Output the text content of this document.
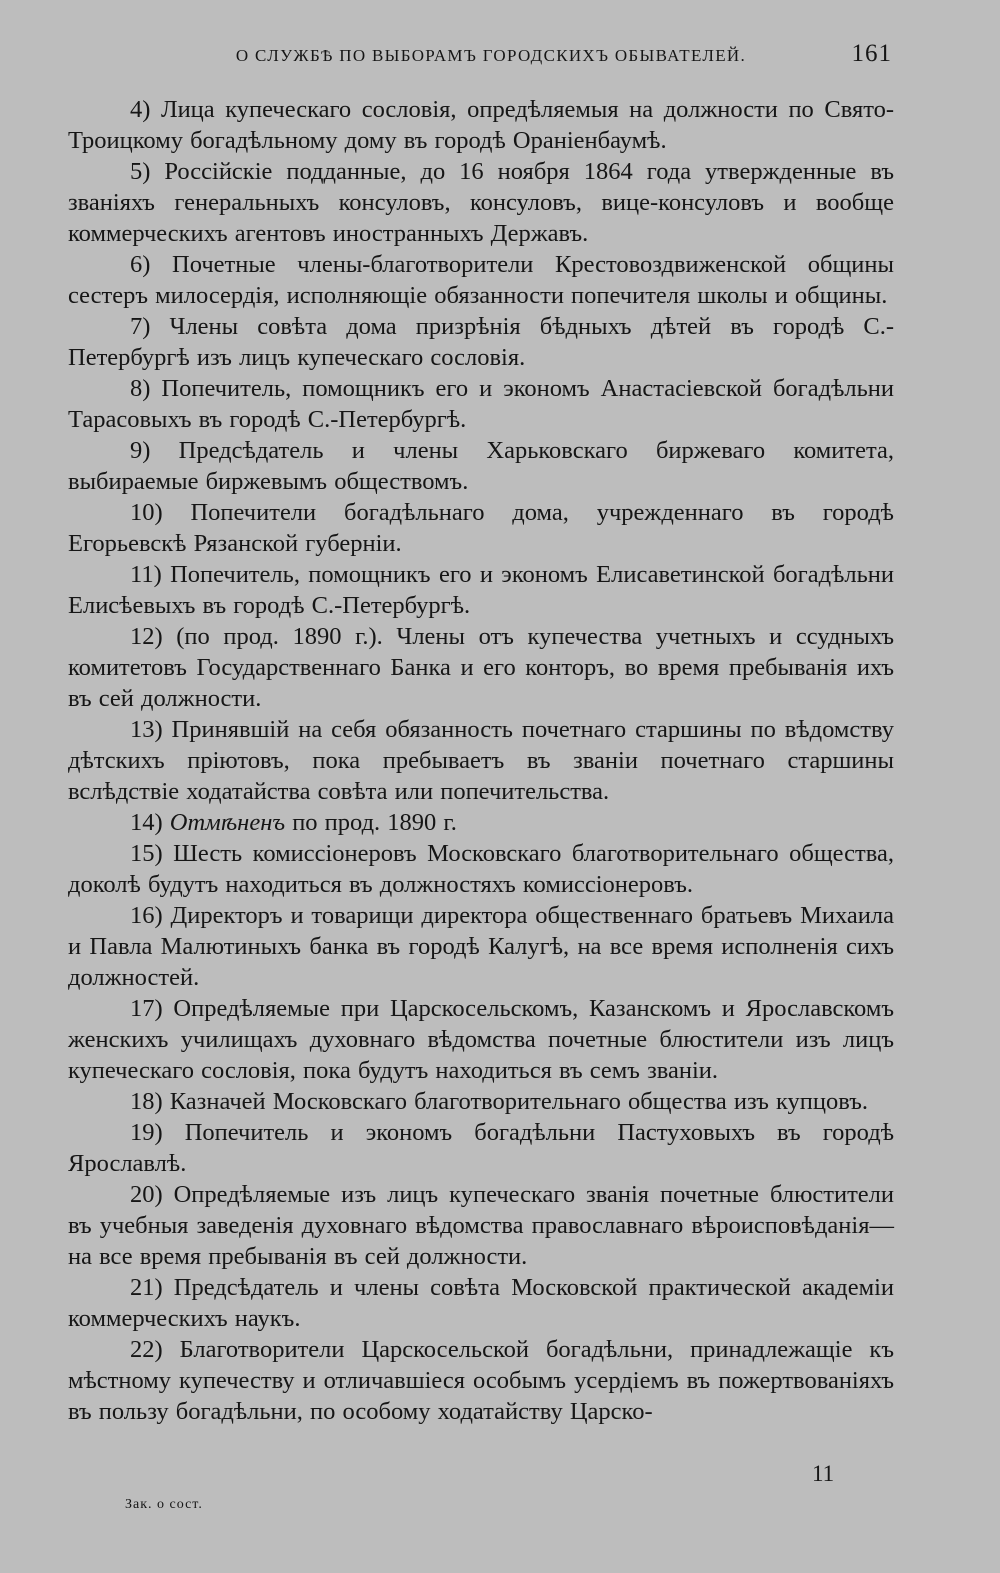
О СЛУЖБѢ ПО ВЫБОРАМЪ ГОРОДСКИХЪ ОБЫВАТЕЛЕЙ.	161

4) Лица купеческаго сословія, опредѣляемыя на должности по Свято-Троицкому богадѣльному дому въ городѣ Ораніенбаумѣ.

5) Россійскіе подданные, до 16 ноября 1864 года утвержденные въ званіяхъ генеральныхъ консуловъ, консуловъ, вице-консуловъ и вообще коммерческихъ агентовъ иностранныхъ Державъ.

6) Почетные члены-благотворители Крестовоздвиженской общины сестеръ милосердія, исполняющіе обязанности попечителя школы и общины.

7) Члены совѣта дома призрѣнія бѣдныхъ дѣтей въ городѣ С.-Петербургѣ изъ лицъ купеческаго сословія.

8) Попечитель, помощникъ его и экономъ Анастасіевской богадѣльни Тарасовыхъ въ городѣ С.-Петербургѣ.

9) Предсѣдатель и члены Харьковскаго биржеваго комитета, выбираемые биржевымъ обществомъ.

10) Попечители богадѣльнаго дома, учрежденнаго въ городѣ Егорьевскѣ Рязанской губерніи.

11) Попечитель, помощникъ его и экономъ Елисаветинской богадѣльни Елисѣевыхъ въ городѣ С.-Петербургѣ.

12) (по прод. 1890 г.). Члены отъ купечества учетныхъ и ссудныхъ комитетовъ Государственнаго Банка и его конторъ, во время пребыванія ихъ въ сей должности.

13) Принявшій на себя обязанность почетнаго старшины по вѣдомству дѣтскихъ пріютовъ, пока пребываетъ въ званіи почетнаго старшины вслѣдствіе ходатайства совѣта или попечительства.

14) Отмѣненъ по прод. 1890 г.

15) Шесть комиссіонеровъ Московскаго благотворительнаго общества, доколѣ будутъ находиться въ должностяхъ комиссіонеровъ.

16) Директоръ и товарищи директора общественнаго братьевъ Михаила и Павла Малютиныхъ банка въ городѣ Калугѣ, на все время исполненія сихъ должностей.

17) Опредѣляемые при Царскосельскомъ, Казанскомъ и Ярославскомъ женскихъ училищахъ духовнаго вѣдомства почетные блюстители изъ лицъ купеческаго сословія, пока будутъ находиться въ семъ званіи.

18) Казначей Московскаго благотворительнаго общества изъ купцовъ.

19) Попечитель и экономъ богадѣльни Пастуховыхъ въ городѣ Ярославлѣ.

20) Опредѣляемые изъ лицъ купеческаго званія почетные блюстители въ учебныя заведенія духовнаго вѣдомства православнаго вѣроисповѣданія—на все время пребыванія въ сей должности.

21) Предсѣдатель и члены совѣта Московской практической академіи коммерческихъ наукъ.

22) Благотворители Царскосельской богадѣльни, принадлежащіе къ мѣстному купечеству и отличавшіеся особымъ усердіемъ въ пожертвованіяхъ въ пользу богадѣльни, по особому ходатайству Царско-

11
Зак. о сост.
